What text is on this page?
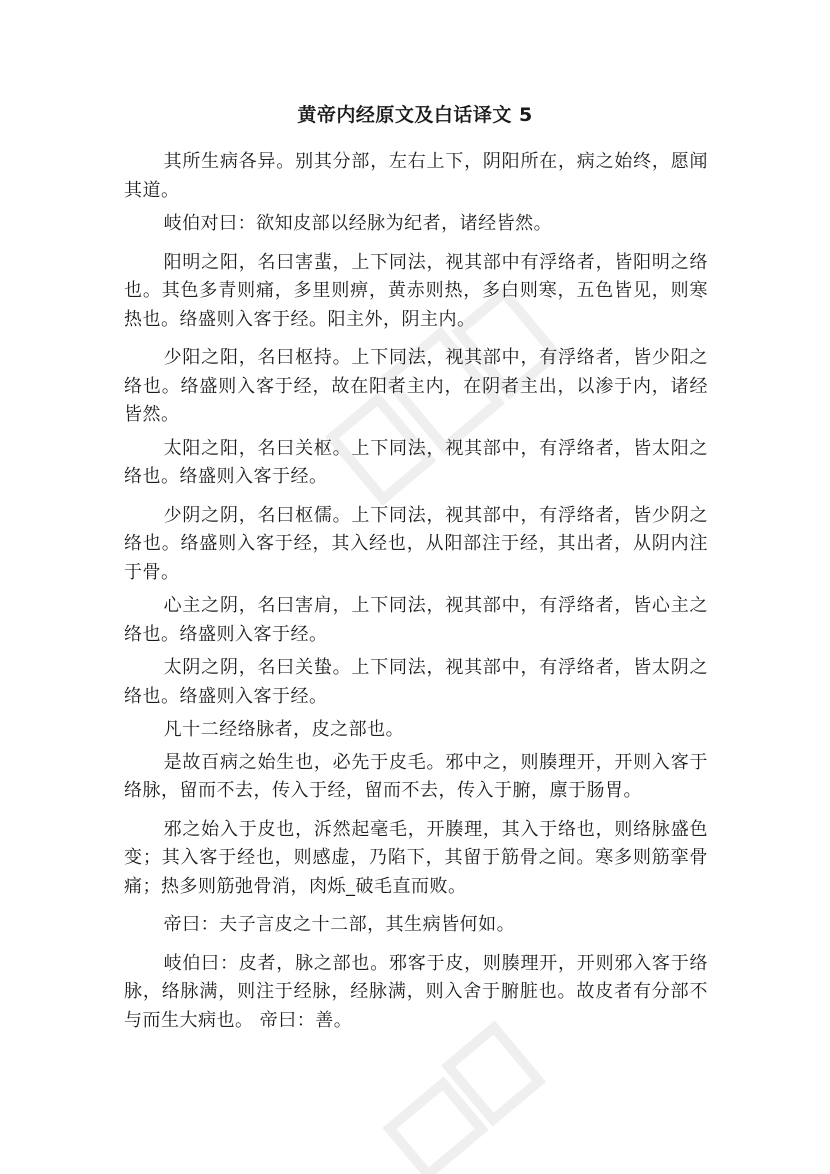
黄帝内经原文及白话译文 5

其所生病各异。别其分部，左右上下，阴阳所在，病之始终，愿闻其道。

岐伯对曰：欲知皮部以经脉为纪者，诸经皆然。

阳明之阳，名曰害蜚，上下同法，视其部中有浮络者，皆阳明之络也。其色多青则痛，多里则痹，黄赤则热，多白则寒，五色皆见，则寒热也。络盛则入客于经。阳主外，阴主内。

少阳之阳，名曰枢持。上下同法，视其部中，有浮络者，皆少阳之络也。络盛则入客于经，故在阳者主内，在阴者主出，以渗于内，诸经皆然。

太阳之阳，名曰关枢。上下同法，视其部中，有浮络者，皆太阳之络也。络盛则入客于经。

少阴之阴，名曰枢儒。上下同法，视其部中，有浮络者，皆少阴之络也。络盛则入客于经，其入经也，从阳部注于经，其出者，从阴内注于骨。

心主之阴，名曰害肩，上下同法，视其部中，有浮络者，皆心主之络也。络盛则入客于经。

太阴之阴，名曰关蛰。上下同法，视其部中，有浮络者，皆太阴之络也。络盛则入客于经。

凡十二经络脉者，皮之部也。

是故百病之始生也，必先于皮毛。邪中之，则腠理开，开则入客于络脉，留而不去，传入于经，留而不去，传入于腑，廪于肠胃。

邪之始入于皮也，泝然起毫毛，开腠理，其入于络也，则络脉盛色变；其入客于经也，则感虚，乃陷下，其留于筋骨之间。寒多则筋挛骨痛；热多则筋弛骨消，肉烁_破毛直而败。

帝曰：夫子言皮之十二部，其生病皆何如。

岐伯曰：皮者，脉之部也。邪客于皮，则腠理开，开则邪入客于络脉，络脉满，则注于经脉，经脉满，则入舍于腑脏也。故皮者有分部不与而生大病也。 帝曰：善。
